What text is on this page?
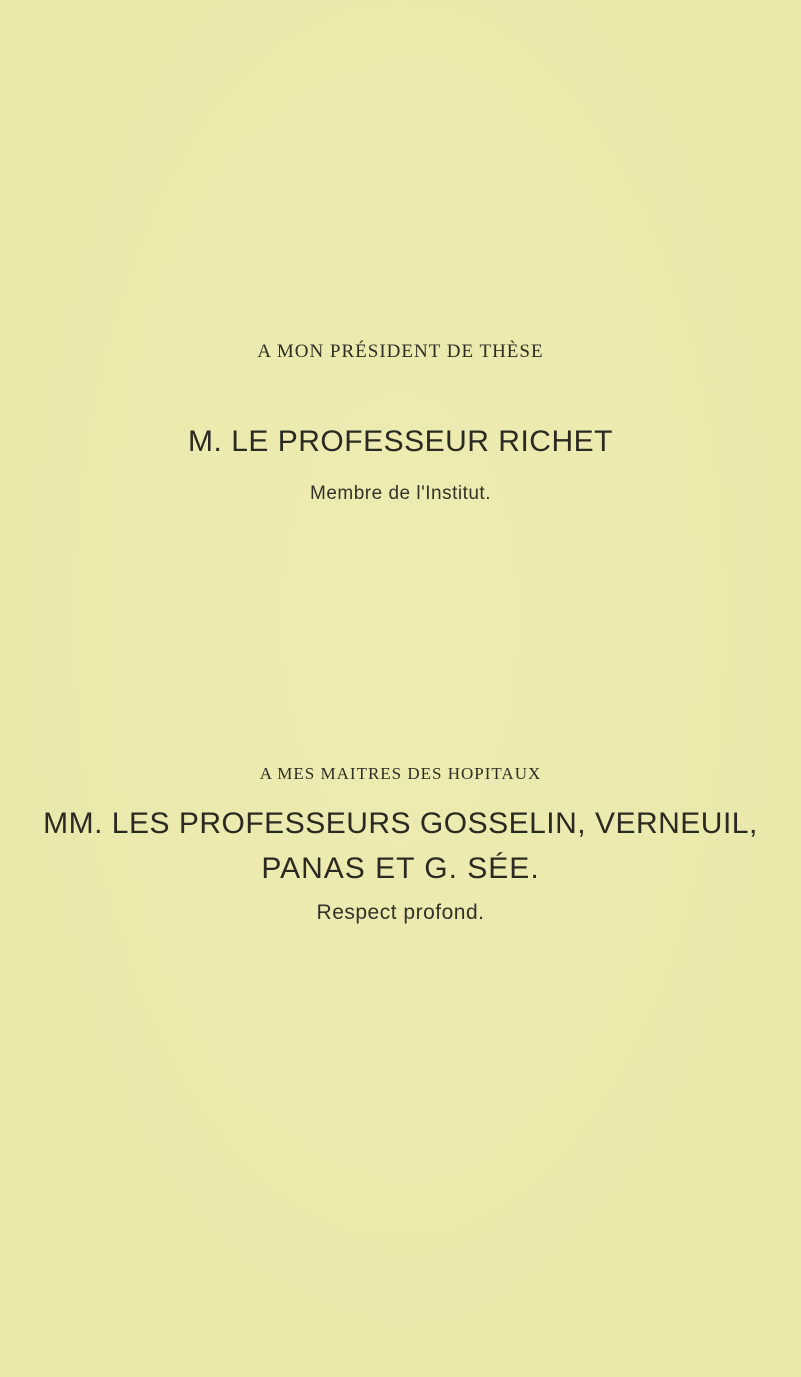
A MON PRÉSIDENT DE THÈSE
M. LE PROFESSEUR RICHET
Membre de l'Institut.
A MES MAITRES DES HOPITAUX
MM. LES PROFESSEURS GOSSELIN, VERNEUIL,
PANAS ET G. SÉE.
Respect profond.
